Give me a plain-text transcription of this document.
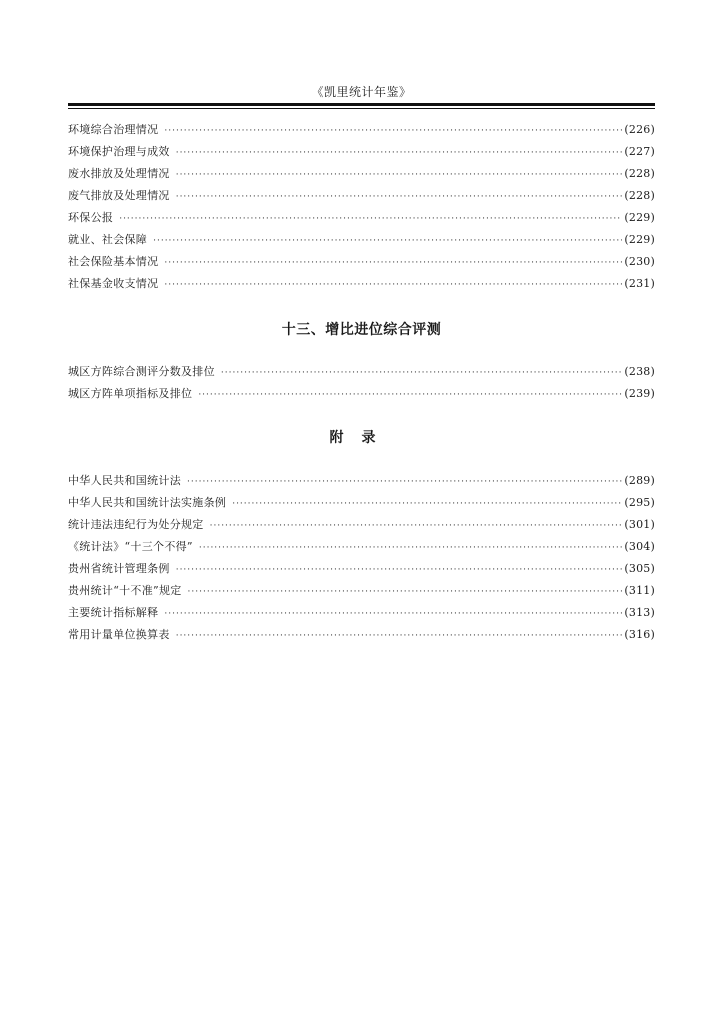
《凯里统计年鉴》
环境综合治理情况 ·····	(226)
环境保护治理与成效 ·····	(227)
废水排放及处理情况 ·····	(228)
废气排放及处理情况 ·····	(228)
环保公报 ·····	(229)
就业、社会保障 ·····	(229)
社会保险基本情况 ·····	(230)
社保基金收支情况 ·····	(231)
十三、增比进位综合评测
城区方阵综合测评分数及排位 ·····	(238)
城区方阵单项指标及排位 ·····	(239)
附录
中华人民共和国统计法 ·····	(289)
中华人民共和国统计法实施条例 ·····	(295)
统计违法违纪行为处分规定 ·····	(301)
《统计法》“十三个不得” ·····	(304)
贵州省统计管理条例 ·····	(305)
贵州统计“十不准”规定 ·····	(311)
主要统计指标解释 ·····	(313)
常用计量单位换算表 ·····	(316)
